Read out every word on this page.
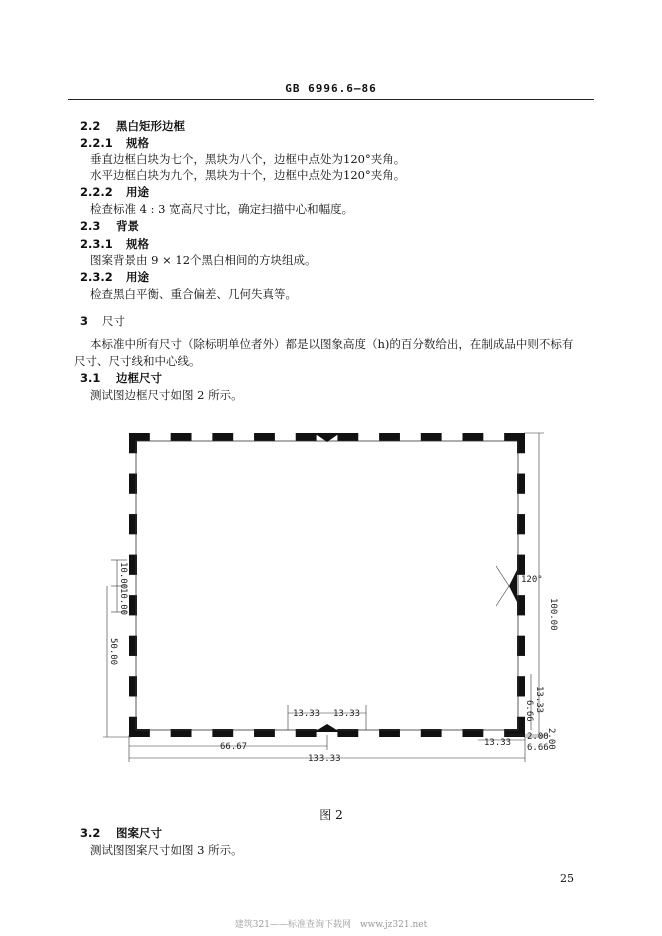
GB 6996.6—86
2.2 黑白矩形边框
2.2.1 规格
垂直边框白块为七个，黑块为八个，边框中点处为120°夹角。
水平边框白块为九个，黑块为十个，边框中点处为120°夹角。
2.2.2 用途
检查标准 4 : 3 宽高尺寸比，确定扫描中心和幅度。
2.3 背景
2.3.1 规格
图案背景由 9 × 12个黑白相间的方块组成。
2.3.2 用途
检查黑白平衡、重合偏差、几何失真等。
3 尺寸
本标准中所有尺寸（除标明单位者外）都是以图象高度（h)的百分数给出，在制成品中则不标有
尺寸、尺寸线和中心线。
3.1 边框尺寸
测试图边框尺寸如图 2 所示。
120°
100.00
13.33
6.66
2.00
2.00
6.66
13.33
10.00
10.00
50.00
13.33 13.33
66.67
133.33
图 2
3.2 图案尺寸
测试图图案尺寸如图 3 所示。
25
建筑321——标准查询下载网　www.jz321.net
